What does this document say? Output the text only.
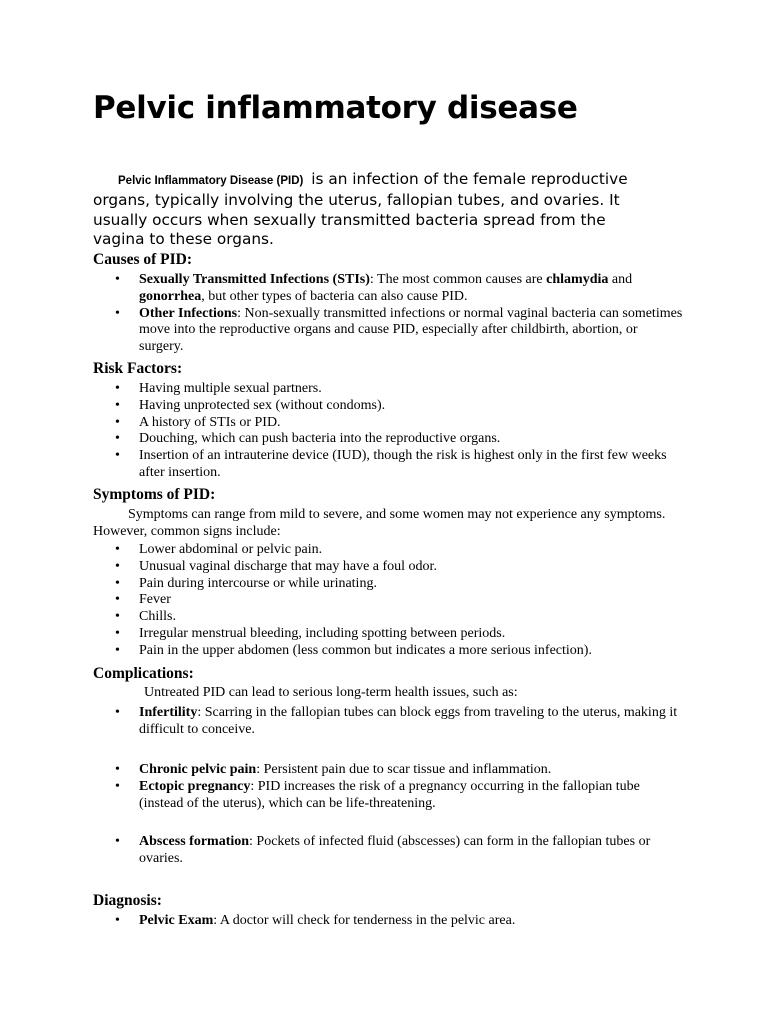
Pelvic inflammatory disease

Pelvic Inflammatory Disease (PID) is an infection of the female reproductive organs, typically involving the uterus, fallopian tubes, and ovaries. It usually occurs when sexually transmitted bacteria spread from the vagina to these organs.

Causes of PID:
• Sexually Transmitted Infections (STIs): The most common causes are chlamydia and gonorrhea, but other types of bacteria can also cause PID.
• Other Infections: Non-sexually transmitted infections or normal vaginal bacteria can sometimes move into the reproductive organs and cause PID, especially after childbirth, abortion, or surgery.
Risk Factors:
• Having multiple sexual partners.
• Having unprotected sex (without condoms).
• A history of STIs or PID.
• Douching, which can push bacteria into the reproductive organs.
• Insertion of an intrauterine device (IUD), though the risk is highest only in the first few weeks after insertion.
Symptoms of PID:

Symptoms can range from mild to severe, and some women may not experience any symptoms. However, common signs include:

• Lower abdominal or pelvic pain.
• Unusual vaginal discharge that may have a foul odor.
• Pain during intercourse or while urinating.
• Fever
• Chills.
• Irregular menstrual bleeding, including spotting between periods.
• Pain in the upper abdomen (less common but indicates a more serious infection).
Complications:

Untreated PID can lead to serious long-term health issues, such as:

• Infertility: Scarring in the fallopian tubes can block eggs from traveling to the uterus, making it difficult to conceive.
• Chronic pelvic pain: Persistent pain due to scar tissue and inflammation.
• Ectopic pregnancy: PID increases the risk of a pregnancy occurring in the fallopian tube (instead of the uterus), which can be life-threatening.
• Abscess formation: Pockets of infected fluid (abscesses) can form in the fallopian tubes or ovaries.
Diagnosis:
• Pelvic Exam: A doctor will check for tenderness in the pelvic area.
